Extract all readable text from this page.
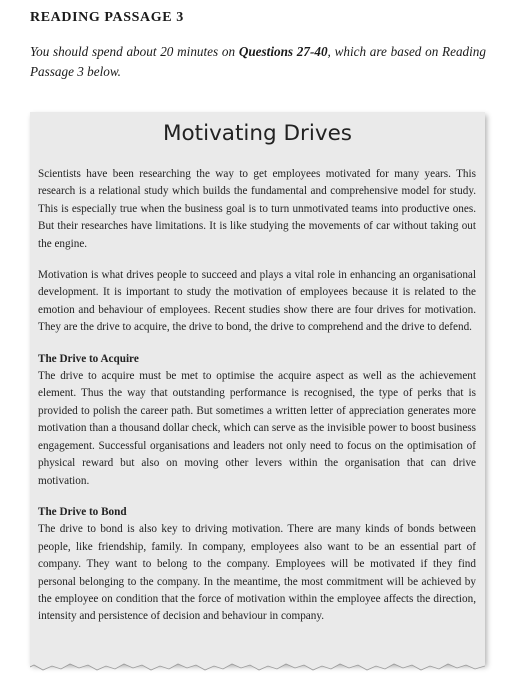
READING PASSAGE 3
You should spend about 20 minutes on Questions 27-40, which are based on Reading Passage 3 below.
Motivating Drives

Scientists have been researching the way to get employees motivated for many years. This research is a relational study which builds the fundamental and comprehensive model for study. This is especially true when the business goal is to turn unmotivated teams into productive ones. But their researches have limitations. It is like studying the movements of car without taking out the engine.

Motivation is what drives people to succeed and plays a vital role in enhancing an organisational development. It is important to study the motivation of employees because it is related to the emotion and behaviour of employees. Recent studies show there are four drives for motivation. They are the drive to acquire, the drive to bond, the drive to comprehend and the drive to defend.

The Drive to Acquire

The drive to acquire must be met to optimise the acquire aspect as well as the achievement element. Thus the way that outstanding performance is recognised, the type of perks that is provided to polish the career path. But sometimes a written letter of appreciation generates more motivation than a thousand dollar check, which can serve as the invisible power to boost business engagement. Successful organisations and leaders not only need to focus on the optimisation of physical reward but also on moving other levers within the organisation that can drive motivation.

The Drive to Bond

The drive to bond is also key to driving motivation. There are many kinds of bonds between people, like friendship, family. In company, employees also want to be an essential part of company. They want to belong to the company. Employees will be motivated if they find personal belonging to the company. In the meantime, the most commitment will be achieved by the employee on condition that the force of motivation within the employee affects the direction, intensity and persistence of decision and behaviour in company.
